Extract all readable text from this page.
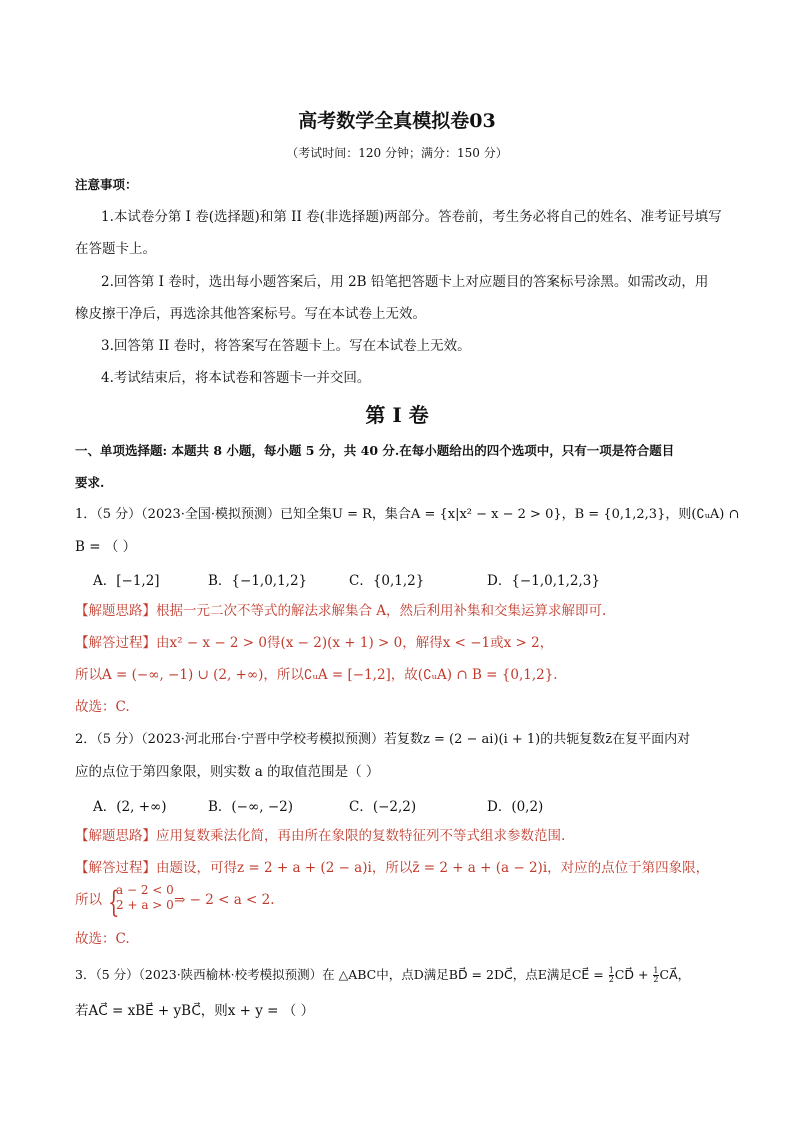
高考数学全真模拟卷03
（考试时间：120 分钟；满分：150 分）
注意事项：
1.本试卷分第 I 卷(选择题)和第 II 卷(非选择题)两部分。答卷前，考生务必将自己的姓名、准考证号填写
在答题卡上。
2.回答第 I 卷时，选出每小题答案后，用 2B 铅笔把答题卡上对应题目的答案标号涂黑。如需改动，用
橡皮擦干净后，再选涂其他答案标号。写在本试卷上无效。
3.回答第 II 卷时，将答案写在答题卡上。写在本试卷上无效。
4.考试结束后，将本试卷和答题卡一并交回。
第 I 卷
一、单项选择题: 本题共 8 小题，每小题 5 分，共 40 分.在每小题给出的四个选项中，只有一项是符合题目
要求.
1．（5 分）（2023·全国·模拟预测）已知全集U = R，集合A = {x|x² − x − 2 > 0}，B = {0,1,2,3}，则(∁ᵤA) ∩
B = （ ）
A．[−1,2]	B．{−1,0,1,2}	C．{0,1,2}	D．{−1,0,1,2,3}
【解题思路】根据一元二次不等式的解法求解集合 A，然后利用补集和交集运算求解即可.
【解答过程】由x² − x − 2 > 0得(x − 2)(x + 1) > 0，解得x < −1或x > 2，
所以A = (−∞, −1) ∪ (2, +∞)，所以∁ᵤA = [−1,2]，故(∁ᵤA) ∩ B = {0,1,2}.
故选：C.
2．（5 分）（2023·河北邢台·宁晋中学校考模拟预测）若复数z = (2 − ai)(i + 1)的共轭复数z̄在复平面内对
应的点位于第四象限，则实数 a 的取值范围是（ ）
A．(2, +∞)	B．(−∞, −2)	C．(−2,2)	D．(0,2)
【解题思路】应用复数乘法化简，再由所在象限的复数特征列不等式组求参数范围.
【解答过程】由题设，可得z = 2 + a + (2 − a)i，所以z̄ = 2 + a + (a − 2)i，对应的点位于第四象限，
所以 {
a − 2 < 0
2 + a > 0 ⇒ − 2 < a < 2.
故选：C.
3．（5 分）（2023·陕西榆林·校考模拟预测）在 △ABC中，点D满足BD⃗ = 2DC⃗，点E满足CE⃗ = $\frac{1}{2}$ CD⃗ + $\frac{1}{2}$ CA⃗，
若AC⃗ = xBE⃗ + yBC⃗，则x + y = （ ）
